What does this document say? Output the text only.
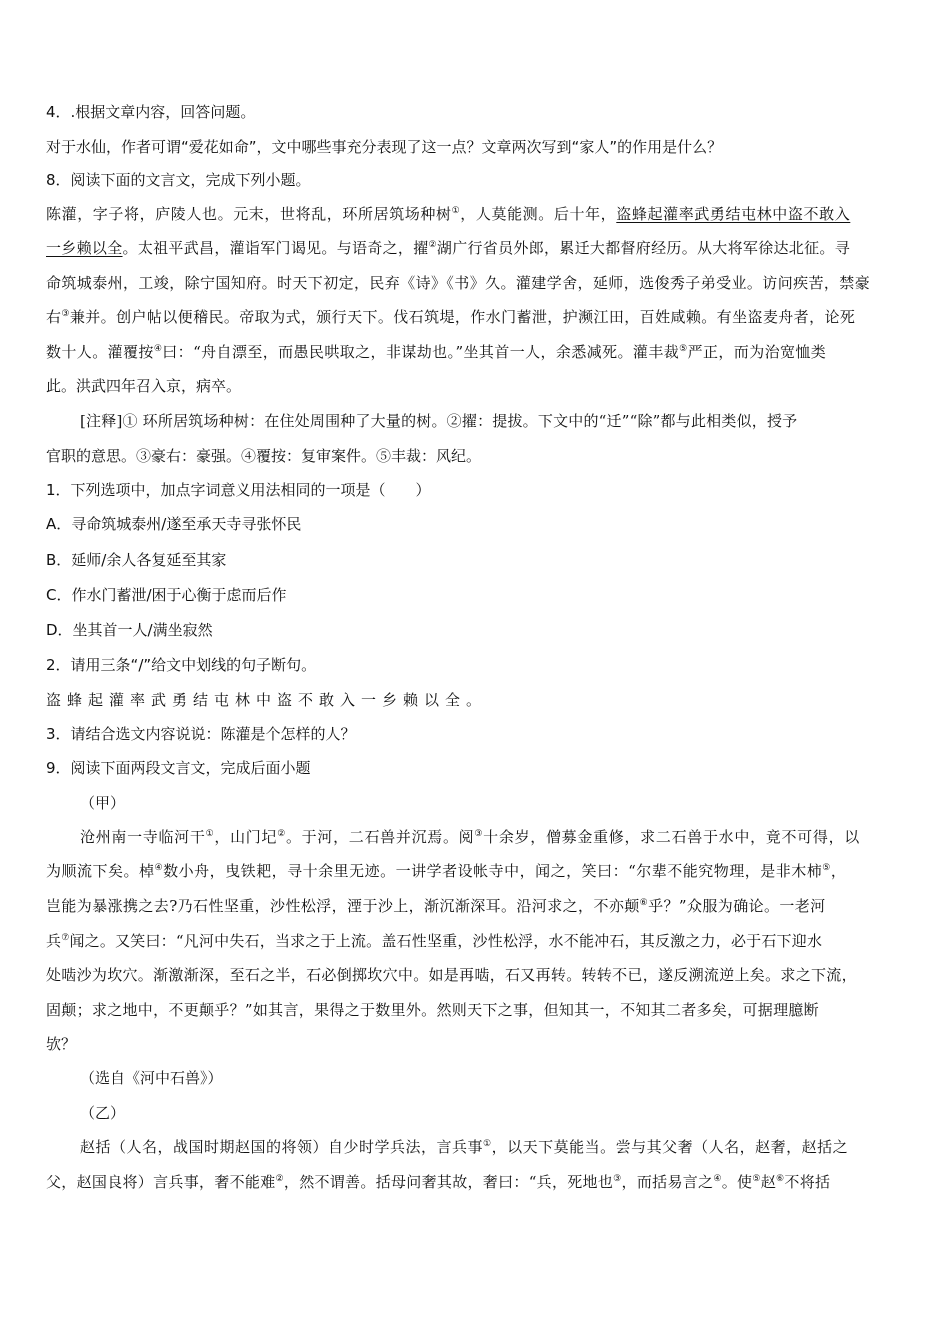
4．.根据文章内容，回答问题。
对于水仙，作者可谓“爱花如命”，文中哪些事充分表现了这一点？文章两次写到“家人”的作用是什么？
8．阅读下面的文言文，完成下列小题。
陈灌，字子将，庐陵人也。元末，世将乱，环所居筑场种树①，人莫能测。后十年，盗蜂起灌率武勇结屯林中盗不敢入
一乡赖以全。太祖平武昌，灌诣军门谒见。与语奇之，擢②湖广行省员外郎，累迁大都督府经历。从大将军徐达北征。寻
命筑城泰州，工竣，除宁国知府。时天下初定，民弃《诗》《书》久。灌建学舍，延师，选俊秀子弟受业。访问疾苦，禁豪
右③兼并。创户帖以便稽民。帝取为式，颁行天下。伐石筑堤，作水门蓄泄，护濒江田，百姓咸赖。有坐盗麦舟者，论死
数十人。灌覆按④曰：“舟自漂至，而愚民哄取之，非谋劫也。”坐其首一人，余悉减死。灌丰裁⑤严正，而为治宽恤类
此。洪武四年召入京，病卒。
[注释]① 环所居筑场种树：在住处周围种了大量的树。②擢：提拔。下文中的“迁”“除”都与此相类似，授予
官职的意思。③豪右：豪强。④覆按：复审案件。⑤丰裁：风纪。
1．下列选项中，加点字词意义用法相同的一项是（　　）
A．寻命筑城泰州/遂至承天寺寻张怀民
B．延师/余人各复延至其家
C．作水门蓄泄/困于心衡于虑而后作
D．坐其首一人/满坐寂然
2．请用三条“/”给文中划线的句子断句。
盗蜂起灌率武勇结屯林中盗不敢入一乡赖以全。
3．请结合选文内容说说：陈灌是个怎样的人？
9．阅读下面两段文言文，完成后面小题
（甲）
沧州南一寺临河干①，山门圮②。于河，二石兽并沉焉。阅③十余岁，僧募金重修，求二石兽于水中，竟不可得，以
为顺流下矣。棹④数小舟，曳铁耙，寻十余里无迹。一讲学者设帐寺中，闻之，笑曰：“尔辈不能究物理，是非木柿⑤，
岂能为暴涨携之去?乃石性坚重，沙性松浮，湮于沙上，渐沉渐深耳。沿河求之，不亦颠⑥乎？”众服为确论。一老河
兵⑦闻之。又笑曰：“凡河中失石，当求之于上流。盖石性坚重，沙性松浮，水不能冲石，其反激之力，必于石下迎水
处啮沙为坎穴。渐激渐深，至石之半，石必倒掷坎穴中。如是再啮，石又再转。转转不已，遂反溯流逆上矣。求之下流，
固颠；求之地中，不更颠乎？”如其言，果得之于数里外。然则天下之事，但知其一，不知其二者多矣，可据理臆断
欤？
（选自《河中石兽》）
（乙）
赵括（人名，战国时期赵国的将领）自少时学兵法，言兵事①，以天下莫能当。尝与其父奢（人名，赵奢，赵括之
父，赵国良将）言兵事，奢不能难②，然不谓善。括母问奢其故，奢曰：“兵，死地也③，而括易言之④。使⑤赵⑥不将括
